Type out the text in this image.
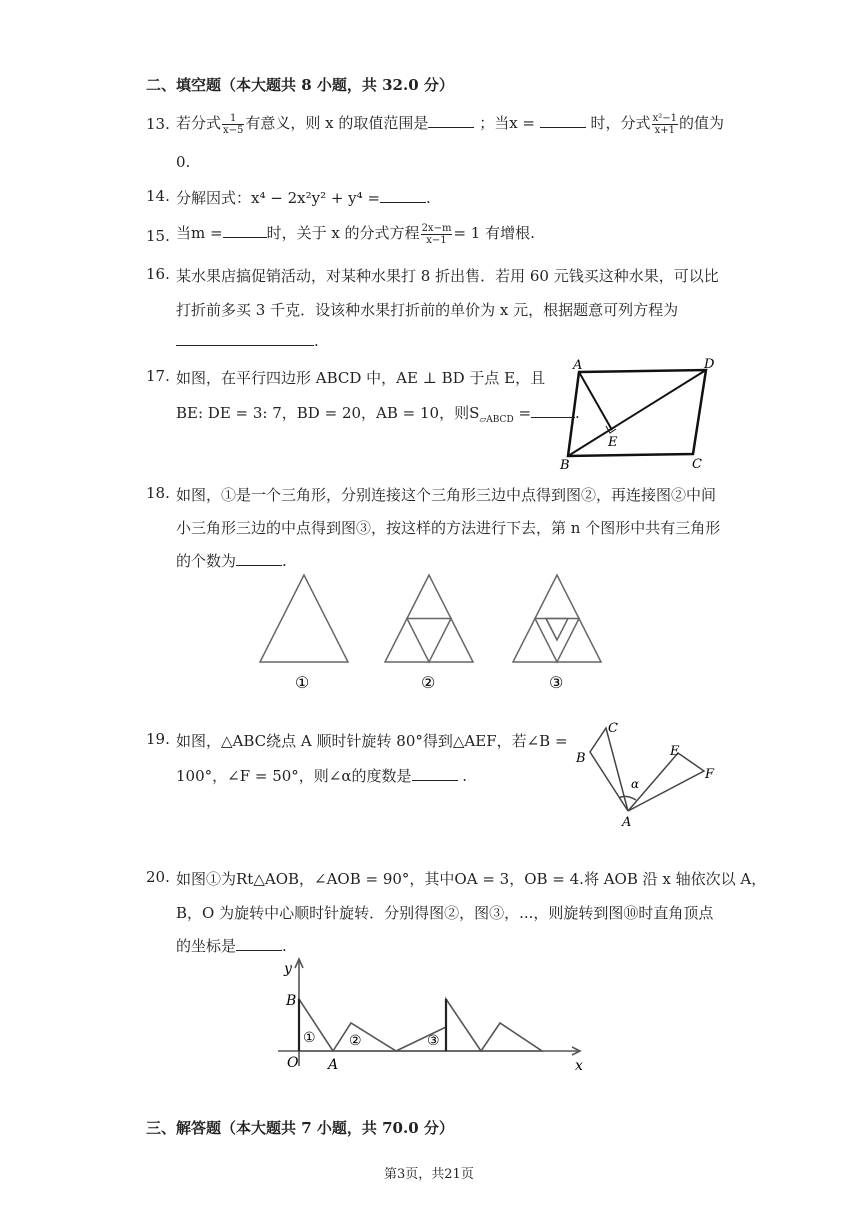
二、填空题（本大题共 8 小题，共 32.0 分）
13. 若分式 $\frac{1}{x-5}$ 有意义，则 x 的取值范围是	；当x =	时，分式 $\frac{\text{x²−1}}{x+1}$ 的值为
0.
14. 分解因式：x⁴ − 2x²y² + y⁴ =	.
15. 当m =	时，关于 x 的分式方程 $\frac{2x-m}{x-1} = 1$ 有增根.
16. 某水果店搞促销活动，对某种水果打 8 折出售．若用 60 元钱买这种水果，可以比
打折前多买 3 千克．设该种水果打折前的单价为 x 元，根据题意可列方程为
.
17. 如图，在平行四边形 ABCD 中，AE ⊥ BD 于点 E，且
BE: DE = 3: 7，BD = 20，AB = 10，则$S_{▱ABCD}$ =	.
A	D
B	C
E
18. 如图，①是一个三角形，分别连接这个三角形三边中点得到图②，再连接图②中间
小三角形三边的中点得到图③，按这样的方法进行下去，第 n 个图形中共有三角形
的个数为	.
①	②	③
19. 如图，△ABC绕点 A 顺时针旋转 80°得到△AEF，若∠B =
100°，∠F = 50°，则∠α的度数是	.
C
B	E
F
A
α
20. 如图①为Rt△AOB，∠AOB = 90°，其中OA = 3，OB = 4.将 AOB 沿 x 轴依次以 A，
B，O 为旋转中心顺时针旋转．分别得图②，图③，...，则旋转到图⑩时直角顶点
的坐标是	.
y
x
O A
B
① ②	③
三、解答题（本大题共 7 小题，共 70.0 分）
第3页，共21页
